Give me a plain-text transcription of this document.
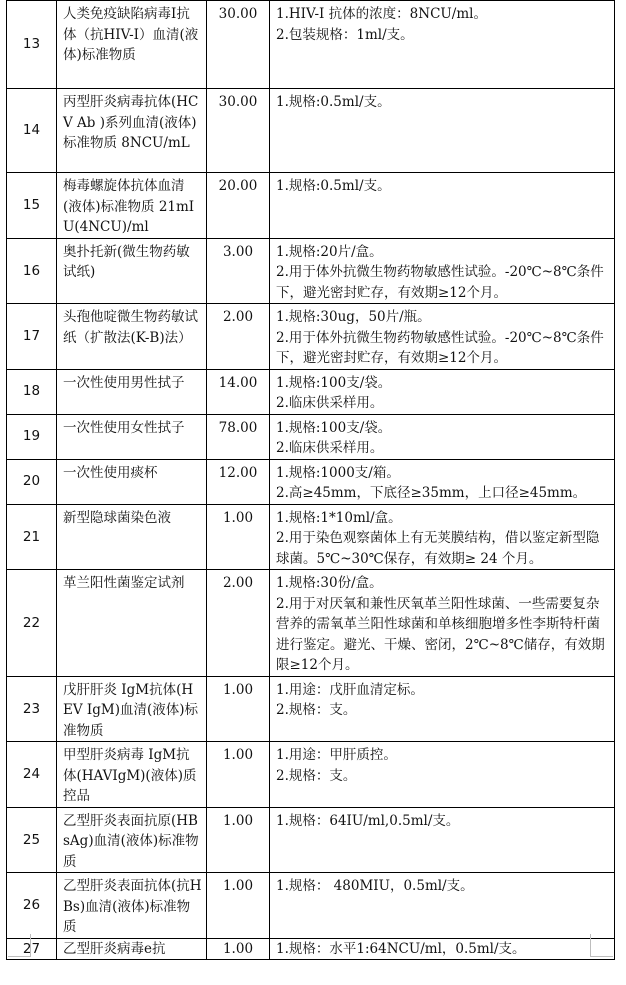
13	人类免疫缺陷病毒I抗体（抗HIV-I）血清(液体)标准物质	30.00	1.HIV-I 抗体的浓度：8NCU/ml。
2.包装规格：1ml/支。
14	丙型肝炎病毒抗体(HCV Ab )系列血清(液体)标准物质 8NCU/mL	30.00	1.规格:0.5ml/支。
15	梅毒螺旋体抗体血清(液体)标准物质 21mIU(4NCU)/ml	20.00	1.规格:0.5ml/支。
16	奥扑托新(微生物药敏试纸)	3.00	1.规格:20片/盒。
2.用于体外抗微生物药物敏感性试验。-20℃~8℃条件下，避光密封贮存，有效期≥12个月。
17	头孢他啶微生物药敏试纸（扩散法(K-B)法）	2.00	1.规格:30ug，50片/瓶。
2.用于体外抗微生物药物敏感性试验。-20℃~8℃条件下，避光密封贮存，有效期≥12个月。
18	一次性使用男性拭子	14.00	1.规格:100支/袋。
2.临床供采样用。
19	一次性使用女性拭子	78.00	1.规格:100支/袋。
2.临床供采样用。
20	一次性使用痰杯	12.00	1.规格:1000支/箱。
2.高≥45mm，下底径≥35mm，上口径≥45mm。
21	新型隐球菌染色液	1.00	1.规格:1*10ml/盒。
2.用于染色观察菌体上有无荚膜结构，借以鉴定新型隐球菌。5℃~30℃保存，有效期≥ 24 个月。
22	革兰阳性菌鉴定试剂	2.00	1.规格:30份/盒。
2.用于对厌氧和兼性厌氧革兰阳性球菌、一些需要复杂营养的需氧革兰阳性球菌和单核细胞增多性李斯特杆菌进行鉴定。避光、干燥、密闭，2℃~8℃储存，有效期限≥12个月。
23	戊肝肝炎 IgM抗体(HEV IgM)血清(液体)标准物质	1.00	1.用途：戊肝血清定标。
2.规格：支。
24	甲型肝炎病毒 IgM抗体(HAVIgM)(液体)质控品	1.00	1.用途：甲肝质控。
2.规格：支。
25	乙型肝炎表面抗原(HBsAg)血清(液体)标准物质	1.00	1.规格：64IU/ml,0.5ml/支。
26	乙型肝炎表面抗体(抗HBs)血清(液体)标准物质	1.00	1.规格： 480MIU，0.5ml/支。
27	乙型肝炎病毒e抗	1.00	1.规格：水平1:64NCU/ml，0.5ml/支。
